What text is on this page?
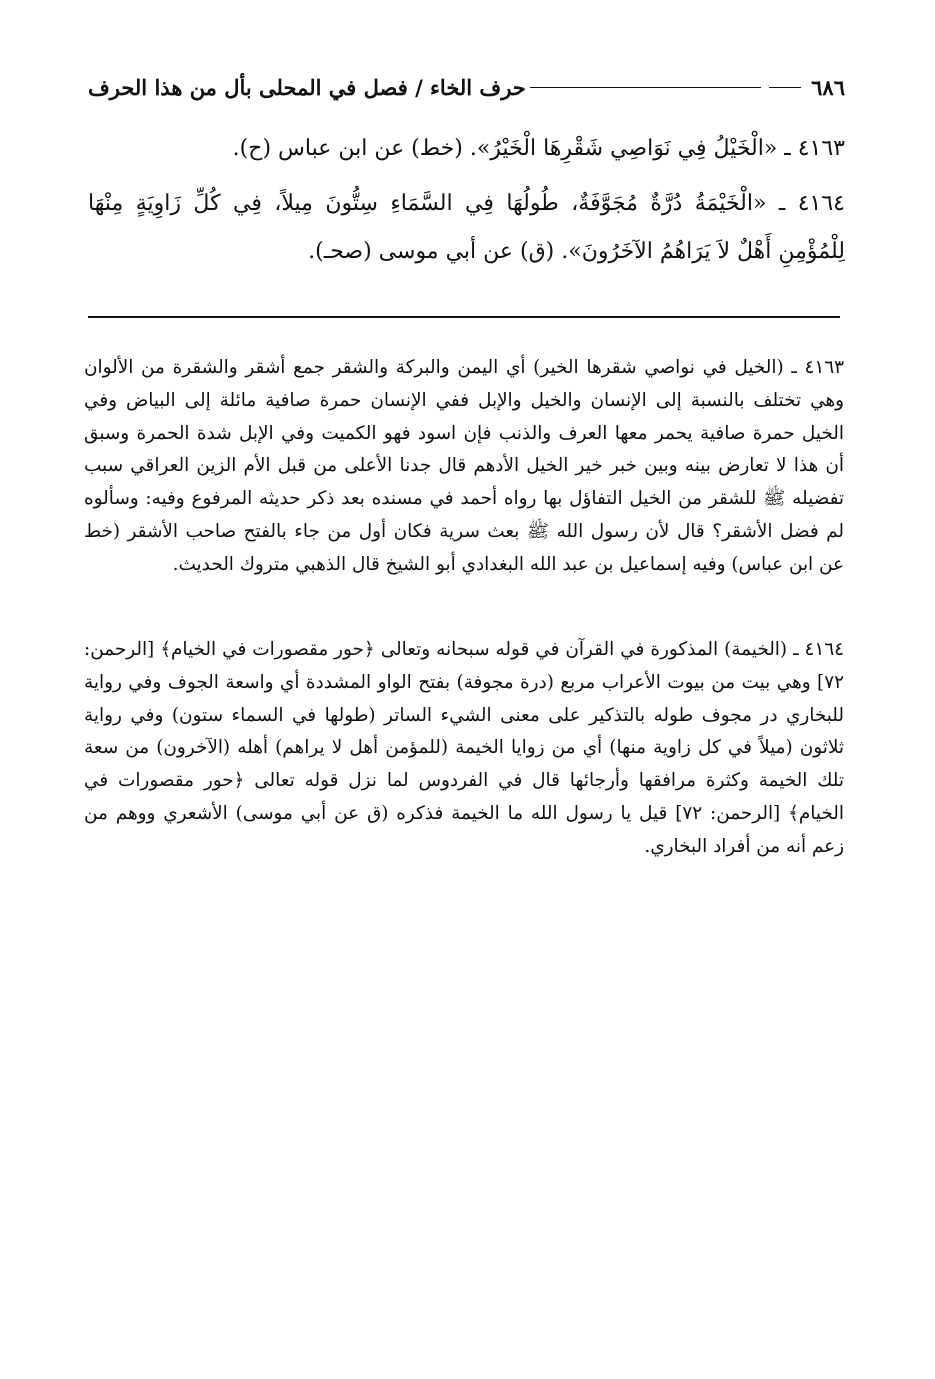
٦٨٦
حرف الخاء / فصل في المحلى بأل من هذا الحرف
٤١٦٣ ـ «الْخَيْلُ فِي نَوَاصِي شَقْرِهَا الْخَيْرُ». (خط) عن ابن عباس (ح).
٤١٦٤ ـ «الْخَيْمَةُ دُرَّةٌ مُجَوَّفَةٌ، طُولُهَا فِي السَّمَاءِ سِتُّونَ مِيلاً، فِي كُلِّ زَاوِيَةٍ مِنْهَا لِلْمُؤْمِنِ أَهْلٌ لاَ يَرَاهُمُ الآخَرُونَ». (ق) عن أبي موسى (صحـ).
٤١٦٣ ـ (الخيل في نواصي شقرها الخير) أي اليمن والبركة والشقر جمع أشقر والشقرة من الألوان وهي تختلف بالنسبة إلى الإنسان والخيل والإبل ففي الإنسان حمرة صافية مائلة إلى البياض وفي الخيل حمرة صافية يحمر معها العرف والذنب فإن اسود فهو الكميت وفي الإبل شدة الحمرة وسبق أن هذا لا تعارض بينه وبين خبر خير الخيل الأدهم قال جدنا الأعلى من قبل الأم الزين العراقي سبب تفضيله ﷺ للشقر من الخيل التفاؤل بها رواه أحمد في مسنده بعد ذكر حديثه المرفوع وفيه: وسألوه لم فضل الأشقر؟ قال لأن رسول الله ﷺ بعث سرية فكان أول من جاء بالفتح صاحب الأشقر (خط عن ابن عباس) وفيه إسماعيل بن عبد الله البغدادي أبو الشيخ قال الذهبي متروك الحديث.
٤١٦٤ ـ (الخيمة) المذكورة في القرآن في قوله سبحانه وتعالى ﴿حور مقصورات في الخيام﴾ [الرحمن: ٧٢] وهي بيت من بيوت الأعراب مربع (درة مجوفة) بفتح الواو المشددة أي واسعة الجوف وفي رواية للبخاري در مجوف طوله بالتذكير على معنى الشيء الساتر (طولها في السماء ستون) وفي رواية ثلاثون (ميلاً في كل زاوية منها) أي من زوايا الخيمة (للمؤمن أهل لا يراهم) أهله (الآخرون) من سعة تلك الخيمة وكثرة مرافقها وأرجائها قال في الفردوس لما نزل قوله تعالى ﴿حور مقصورات في الخيام﴾ [الرحمن: ٧٢] قيل يا رسول الله ما الخيمة فذكره (ق عن أبي موسى) الأشعري ووهم من زعم أنه من أفراد البخاري.
